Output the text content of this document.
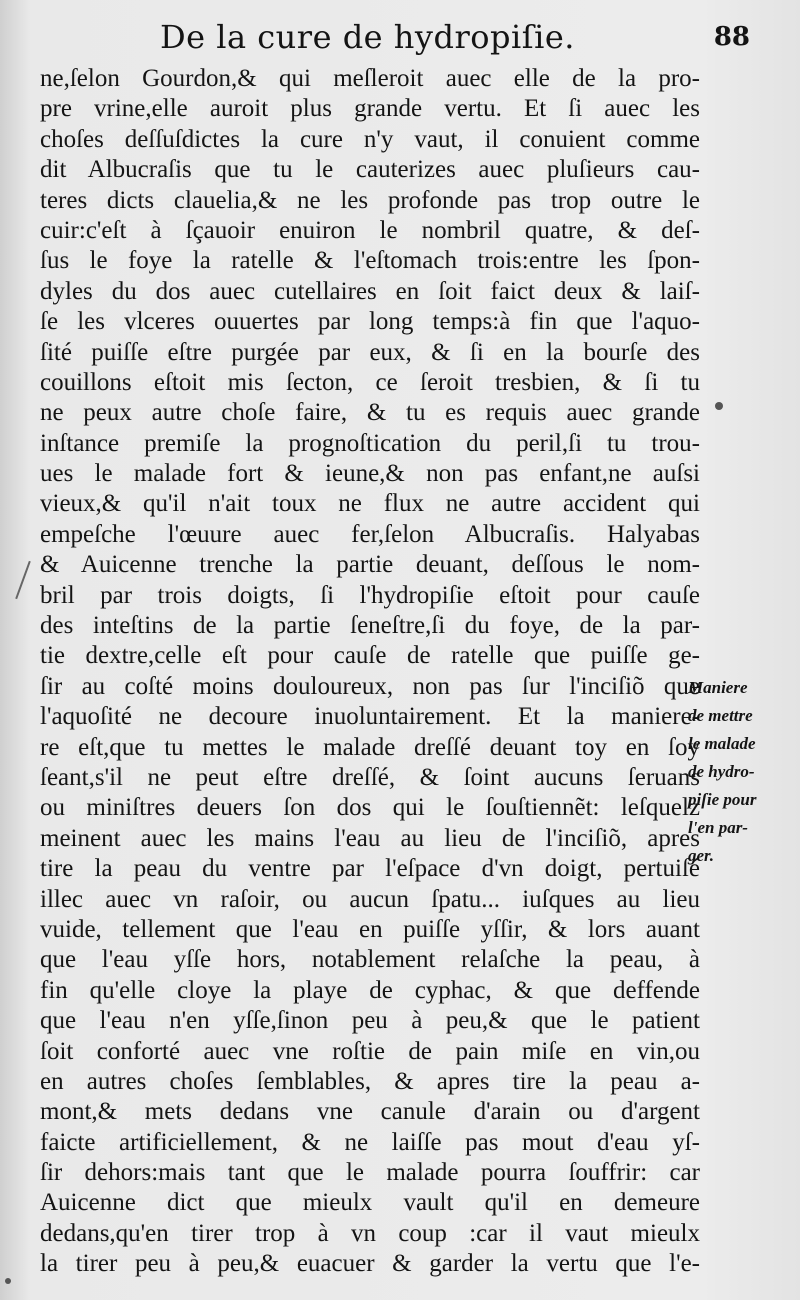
De la cure de hydropiſie.	88
ne,ſelon Gourdon,& qui meſleroit auec elle de la pro-
pre vrine,elle auroit plus grande vertu. Et ſi auec les
choſes deſſuſdictes la cure n'y vaut, il conuient comme
dit Albucraſis que tu le cauterizes auec pluſieurs cau-
teres dicts clauelia,& ne les profonde pas trop outre le
cuir:c'eſt à ſçauoir enuiron le nombril quatre, & deſ-
ſus le foye la ratelle & l'eſtomach trois:entre les ſpon-
dyles du dos auec cutellaires en ſoit faict deux & laiſ-
ſe les vlceres ouuertes par long temps:à fin que l'aquo-
ſité puiſſe eſtre purgée par eux, & ſi en la bourſe des
couillons eſtoit mis ſecton, ce ſeroit tresbien, & ſi tu
ne peux autre choſe faire, & tu es requis auec grande
inſtance premiſe la prognoſtication du peril,ſi tu trou-
ues le malade fort & ieune,& non pas enfant,ne auſsi
vieux,& qu'il n'ait toux ne flux ne autre accident qui
empeſche l'œuure auec fer,ſelon Albucraſis. Halyabas
& Auicenne trenche la partie deuant, deſſous le nom-
bril par trois doigts, ſi l'hydropiſie eſtoit pour cauſe
des inteſtins de la partie ſeneſtre,ſi du foye, de la par-
tie dextre,celle eſt pour cauſe de ratelle que puiſſe ge-
ſir au coſté moins douloureux, non pas ſur l'inciſiõ que
l'aquoſité ne decoure inuoluntairement. Et la maniere-
re eſt,que tu mettes le malade dreſſé deuant toy en ſoy
ſeant,s'il ne peut eſtre dreſſé, & ſoint aucuns ſeruans
ou miniſtres deuers ſon dos qui le ſouſtiennẽt: leſquelz
meinent auec les mains l'eau au lieu de l'inciſiõ, apres
tire la peau du ventre par l'eſpace d'vn doigt, pertuiſé
illec auec vn raſoir, ou aucun ſpatu... iuſques au lieu
vuide, tellement que l'eau en puiſſe yſſir, & lors auant
que l'eau yſſe hors, notablement relaſche la peau, à
fin qu'elle cloye la playe de cyphac, & que deffende
que l'eau n'en yſſe,ſinon peu à peu,& que le patient
ſoit conforté auec vne roſtie de pain miſe en vin,ou
en autres choſes ſemblables, & apres tire la peau a-
mont,& mets dedans vne canule d'arain ou d'argent
faicte artificiellement, & ne laiſſe pas mout d'eau yſ-
ſir dehors:mais tant que le malade pourra ſouffrir: car
Auicenne dict que mieulx vault qu'il en demeure
dedans,qu'en tirer trop à vn coup :car il vaut mieulx
la tirer peu à peu,& euacuer & garder la vertu que l'e-
Maniere
de mettre
le malade
de hydro-
piſie pour
l'en par-
ger.
